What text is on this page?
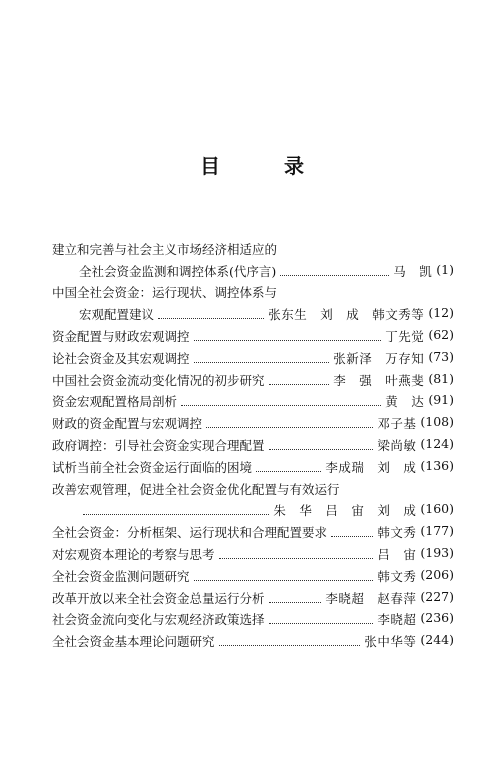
目　录
建立和完善与社会主义市场经济相适应的
全社会资金监测和调控体系(代序言)	马　凯 ( 1 )
中国全社会资金：运行现状、调控体系与
宏观配置建议	张东生　刘　成　韩文秀等 ( 12 )
资金配置与财政宏观调控	丁先觉 ( 62 )
论社会资金及其宏观调控	张新泽　万存知 ( 73 )
中国社会资金流动变化情况的初步研究	李　强　叶燕斐 ( 81 )
资金宏观配置格局剖析	黄　达 ( 91 )
财政的资金配置与宏观调控	邓子基 ( 108 )
政府调控：引导社会资金实现合理配置	梁尚敏 ( 124 )
试析当前全社会资金运行面临的困境	李成瑞　刘　成 ( 136 )
改善宏观管理，促进全社会资金优化配置与有效运行
朱　华　吕　宙　刘　成 ( 160 )
全社会资金：分析框架、运行现状和合理配置要求	韩文秀 ( 177 )
对宏观资本理论的考察与思考	吕　宙 ( 193 )
全社会资金监测问题研究	韩文秀 ( 206 )
改革开放以来全社会资金总量运行分析	李晓超　赵春萍 ( 227 )
社会资金流向变化与宏观经济政策选择	李晓超 ( 236 )
全社会资金基本理论问题研究	张中华等 ( 244 )
